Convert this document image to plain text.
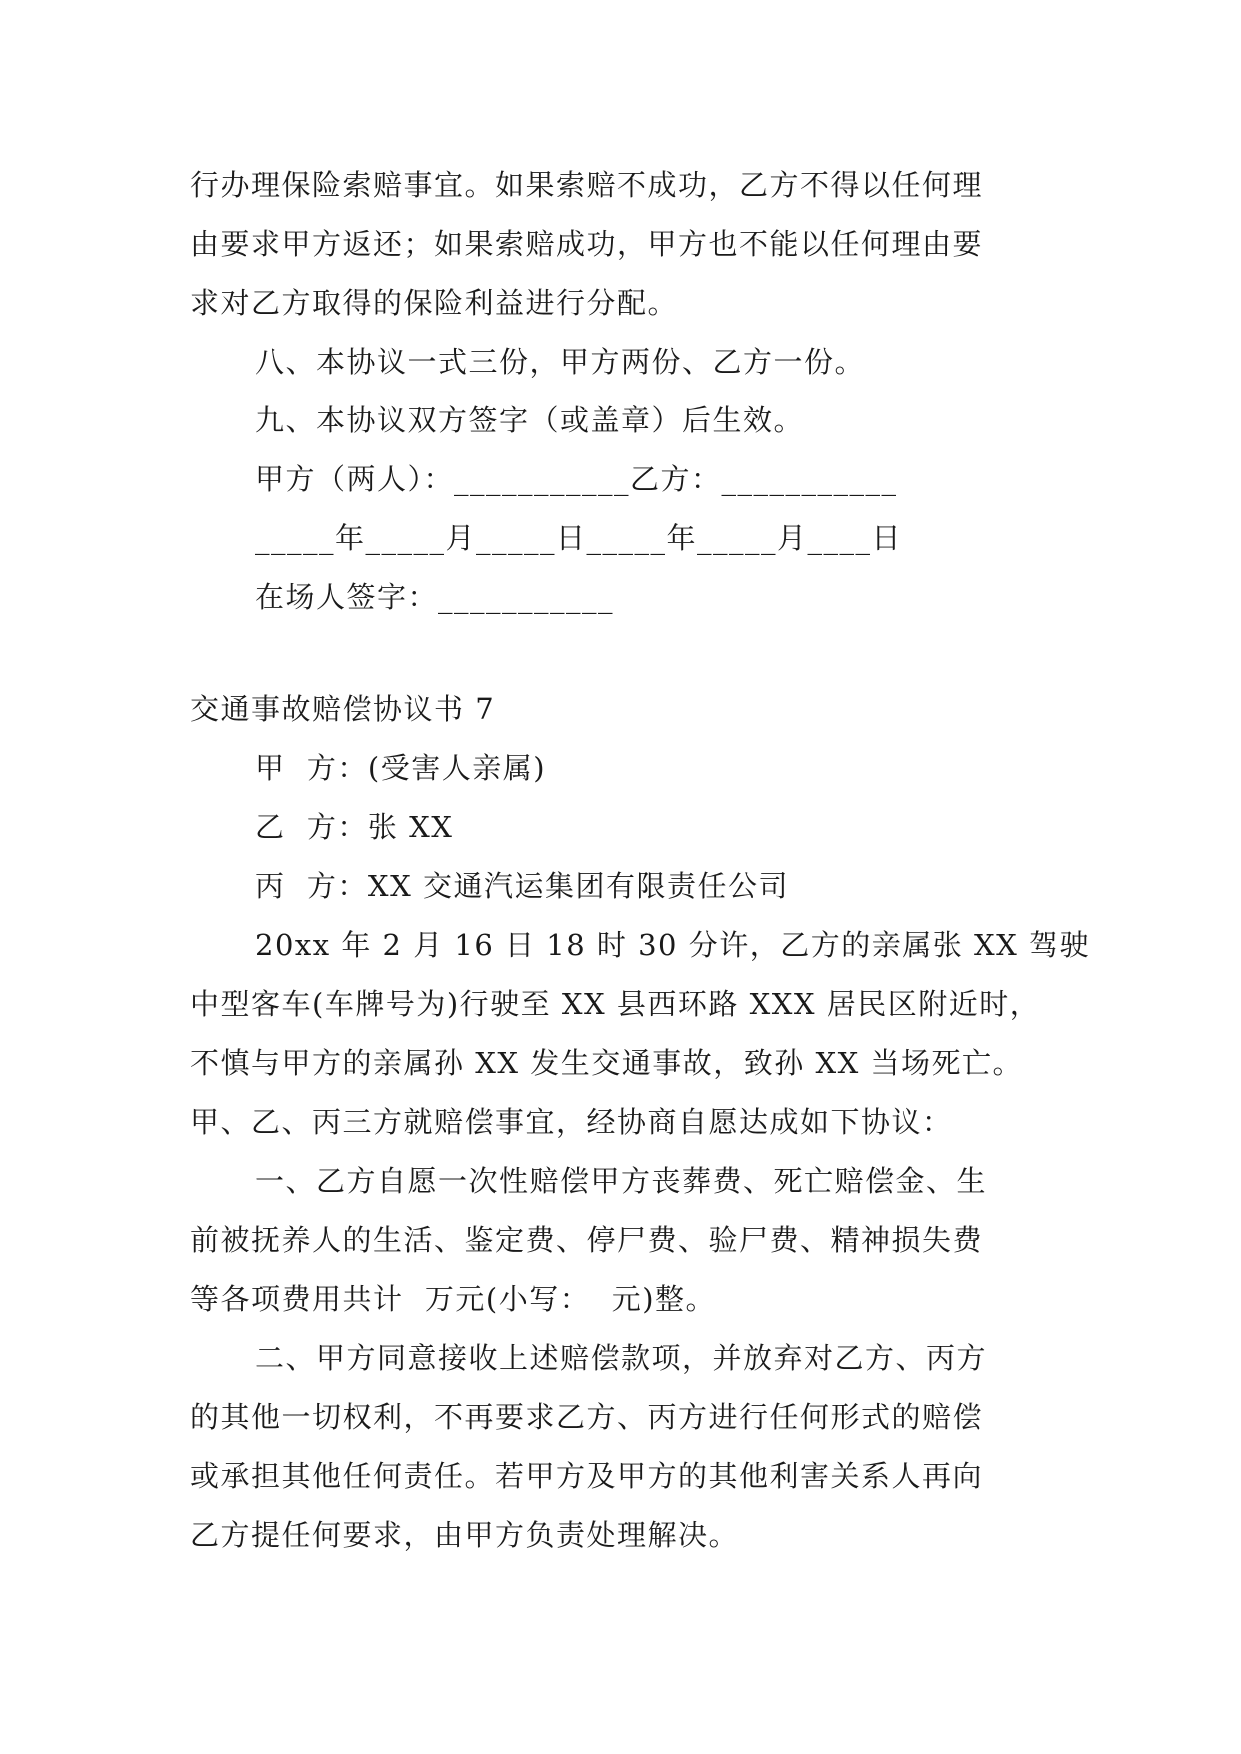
行办理保险索赔事宜。如果索赔不成功，乙方不得以任何理
由要求甲方返还；如果索赔成功，甲方也不能以任何理由要
求对乙方取得的保险利益进行分配。
八、本协议一式三份，甲方两份、乙方一份。
九、本协议双方签字（或盖章）后生效。
甲方（两人）：___________乙方：___________
_____年_____月_____日_____年_____月____日
在场人签字：___________
交通事故赔偿协议书 7
甲  方：(受害人亲属)
乙  方：张 XX
丙  方：XX 交通汽运集团有限责任公司
20xx 年 2 月 16 日 18 时 30 分许，乙方的亲属张 XX 驾驶
中型客车(车牌号为)行驶至 XX 县西环路 XXX 居民区附近时，
不慎与甲方的亲属孙 XX 发生交通事故，致孙 XX 当场死亡。
甲、乙、丙三方就赔偿事宜，经协商自愿达成如下协议：
一、乙方自愿一次性赔偿甲方丧葬费、死亡赔偿金、生
前被抚养人的生活、鉴定费、停尸费、验尸费、精神损失费
等各项费用共计  万元(小写：  元)整。
二、甲方同意接收上述赔偿款项，并放弃对乙方、丙方
的其他一切权利，不再要求乙方、丙方进行任何形式的赔偿
或承担其他任何责任。若甲方及甲方的其他利害关系人再向
乙方提任何要求，由甲方负责处理解决。
